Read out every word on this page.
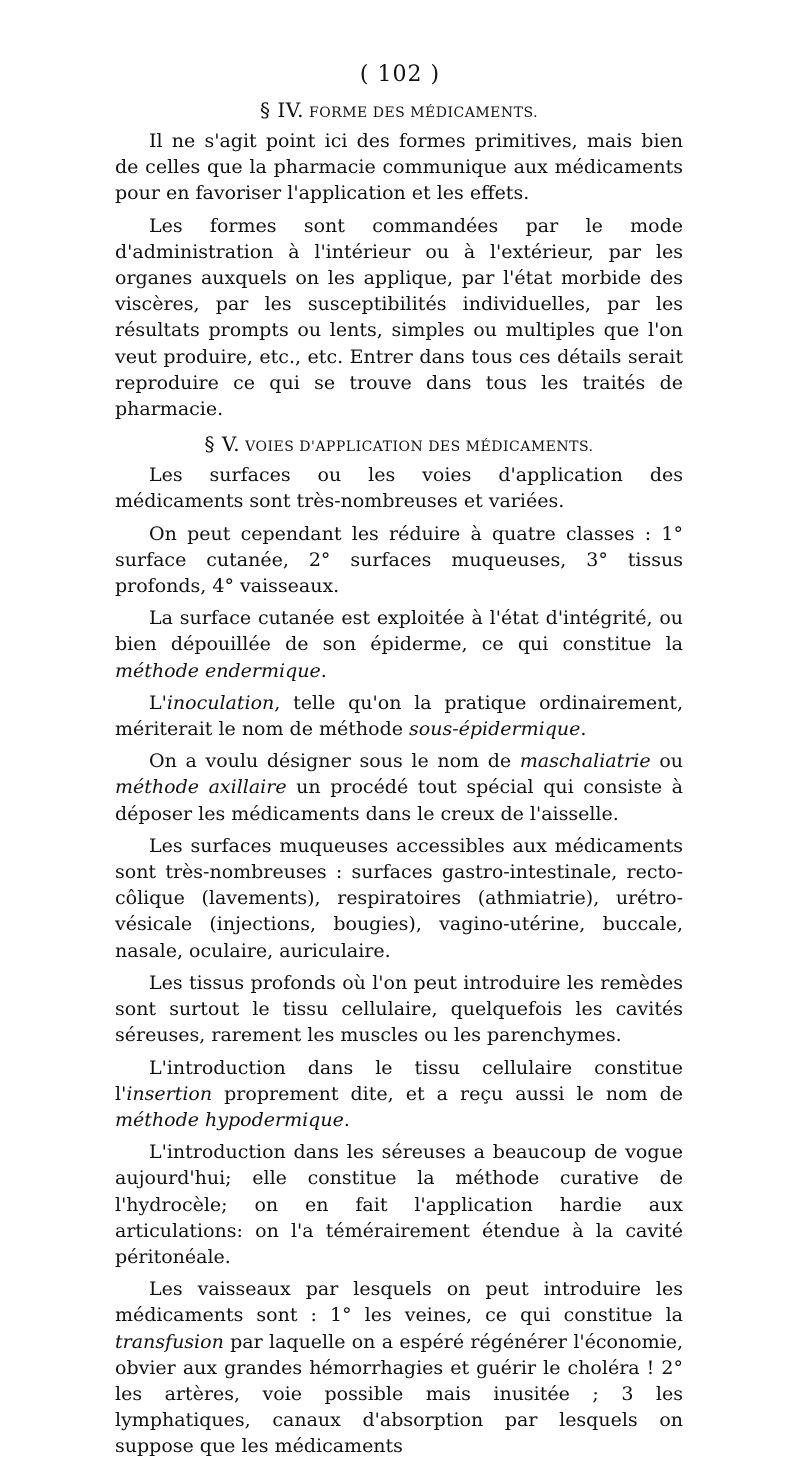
( 102 )
§ IV. FORME DES MÉDICAMENTS.

Il ne s'agit point ici des formes primitives, mais bien de celles que la pharmacie communique aux médicaments pour en favoriser l'application et les effets.

Les formes sont commandées par le mode d'administration à l'intérieur ou à l'extérieur, par les organes auxquels on les applique, par l'état morbide des viscères, par les susceptibilités individuelles, par les résultats prompts ou lents, simples ou multiples que l'on veut produire, etc., etc. Entrer dans tous ces détails serait reproduire ce qui se trouve dans tous les traités de pharmacie.

§ V. VOIES D'APPLICATION DES MÉDICAMENTS.

Les surfaces ou les voies d'application des médicaments sont très-nombreuses et variées.

On peut cependant les réduire à quatre classes : 1° surface cutanée, 2° surfaces muqueuses, 3° tissus profonds, 4° vaisseaux.

La surface cutanée est exploitée à l'état d'intégrité, ou bien dépouillée de son épiderme, ce qui constitue la méthode endermique.

L'inoculation, telle qu'on la pratique ordinairement, mériterait le nom de méthode sous-épidermique.

On a voulu désigner sous le nom de maschaliatrie ou méthode axillaire un procédé tout spécial qui consiste à déposer les médicaments dans le creux de l'aisselle.

Les surfaces muqueuses accessibles aux médicaments sont très-nombreuses : surfaces gastro-intestinale, recto-côlique (lavements), respiratoires (athmiatrie), urétro-vésicale (injections, bougies), vagino-utérine, buccale, nasale, oculaire, auriculaire.

Les tissus profonds où l'on peut introduire les remèdes sont surtout le tissu cellulaire, quelquefois les cavités séreuses, rarement les muscles ou les parenchymes.

L'introduction dans le tissu cellulaire constitue l'insertion proprement dite, et a reçu aussi le nom de méthode hypodermique.

L'introduction dans les séreuses a beaucoup de vogue aujourd'hui; elle constitue la méthode curative de l'hydrocèle; on en fait l'application hardie aux articulations: on l'a témérairement étendue à la cavité péritonéale.

Les vaisseaux par lesquels on peut introduire les médicaments sont : 1° les veines, ce qui constitue la transfusion par laquelle on a espéré régénérer l'économie, obvier aux grandes hémorrhagies et guérir le choléra ! 2° les artères, voie possible mais inusitée ; 3 les lymphatiques, canaux d'absorption par lesquels on suppose que les médicaments
